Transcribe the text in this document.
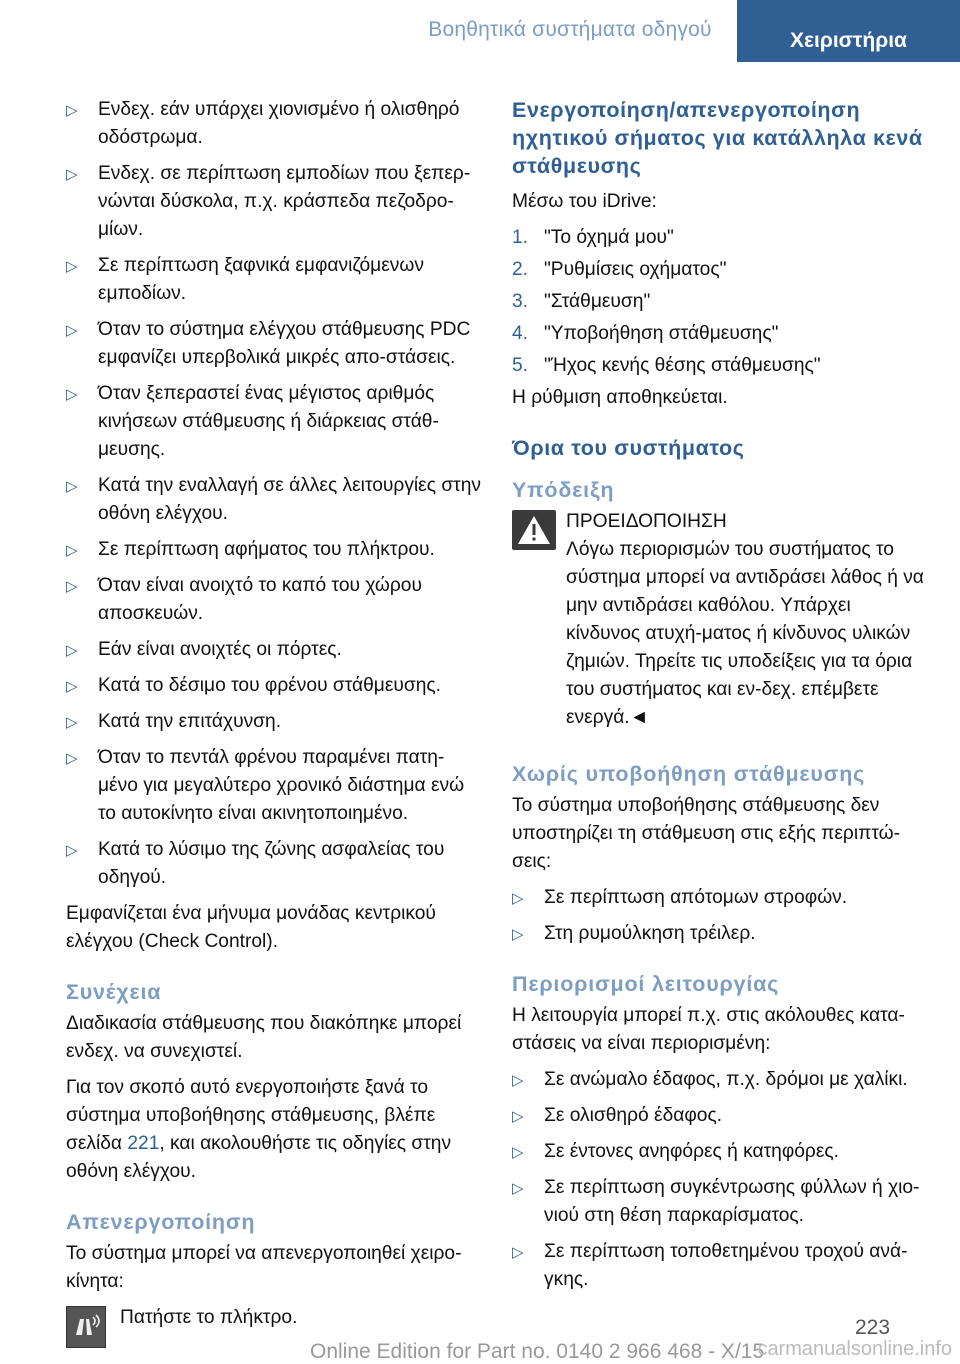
Βοηθητικά συστήματα οδηγού	Χειριστήρια
▷ Ενδεχ. εάν υπάρχει χιονισμένο ή ολισθηρό οδόστρωμα.
▷ Ενδεχ. σε περίπτωση εμποδίων που ξεπερ‐νώνται δύσκολα, π.χ. κράσπεδα πεζοδρο‐μίων.
▷ Σε περίπτωση ξαφνικά εμφανιζόμενων εμποδίων.
▷ Όταν το σύστημα ελέγχου στάθμευσης PDC εμφανίζει υπερβολικά μικρές απο‐στάσεις.
▷ Όταν ξεπεραστεί ένας μέγιστος αριθμός κινήσεων στάθμευσης ή διάρκειας στάθ‐μευσης.
▷ Κατά την εναλλαγή σε άλλες λειτουργίες στην οθόνη ελέγχου.
▷ Σε περίπτωση αφήματος του πλήκτρου.
▷ Όταν είναι ανοιχτό το καπό του χώρου αποσκευών.
▷ Εάν είναι ανοιχτές οι πόρτες.
▷ Κατά το δέσιμο του φρένου στάθμευσης.
▷ Κατά την επιτάχυνση.
▷ Όταν το πεντάλ φρένου παραμένει πατη‐μένο για μεγαλύτερο χρονικό διάστημα ενώ το αυτοκίνητο είναι ακινητοποιημένο.
▷ Κατά το λύσιμο της ζώνης ασφαλείας του οδηγού.

Εμφανίζεται ένα μήνυμα μονάδας κεντρικού ελέγχου (Check Control).

Συνέχεια

Διαδικασία στάθμευσης που διακόπηκε μπορεί ενδεχ. να συνεχιστεί.

Για τον σκοπό αυτό ενεργοποιήστε ξανά το σύστημα υποβοήθησης στάθμευσης, βλέπε σελίδα 221, και ακολουθήστε τις οδηγίες στην οθόνη ελέγχου.

Απενεργοποίηση

Το σύστημα μπορεί να απενεργοποιηθεί χειρο‐κίνητα:

Πατήστε το πλήκτρο.
Ενεργοποίηση/απενεργοποίηση ηχητικού σήματος για κατάλληλα κενά στάθμευσης

Μέσω του iDrive:

1. "Το όχημά μου"
2. "Ρυθμίσεις οχήματος"
3. "Στάθμευση"
4. "Υποβοήθηση στάθμευσης"
5. "Ήχος κενής θέσης στάθμευσης"

Η ρύθμιση αποθηκεύεται.

Όρια του συστήματος
Υπόδειξη
ΠΡΟΕΙΔΟΠΟΙΗΣΗ
Λόγω περιορισμών του συστήματος το σύστημα μπορεί να αντιδράσει λάθος ή να μην αντιδράσει καθόλου. Υπάρχει κίνδυνος ατυχή‐ματος ή κίνδυνος υλικών ζημιών. Τηρείτε τις υποδείξεις για τα όρια του συστήματος και εν‐δεχ. επέμβετε ενεργά.◄
Χωρίς υποβοήθηση στάθμευσης

Το σύστημα υποβοήθησης στάθμευσης δεν υποστηρίζει τη στάθμευση στις εξής περιπτώ‐σεις:

▷ Σε περίπτωση απότομων στροφών.
▷ Στη ρυμούλκηση τρέιλερ.
Περιορισμοί λειτουργίας

Η λειτουργία μπορεί π.χ. στις ακόλουθες κατα‐στάσεις να είναι περιορισμένη:

▷ Σε ανώμαλο έδαφος, π.χ. δρόμοι με χαλίκι.
▷ Σε ολισθηρό έδαφος.
▷ Σε έντονες ανηφόρες ή κατηφόρες.
▷ Σε περίπτωση συγκέντρωσης φύλλων ή χιο‐νιού στη θέση παρκαρίσματος.
▷ Σε περίπτωση τοποθετημένου τροχού ανά‐γκης.
223
Online Edition for Part no. 0140 2 966 468 - X/15
carmanualsonline.info
